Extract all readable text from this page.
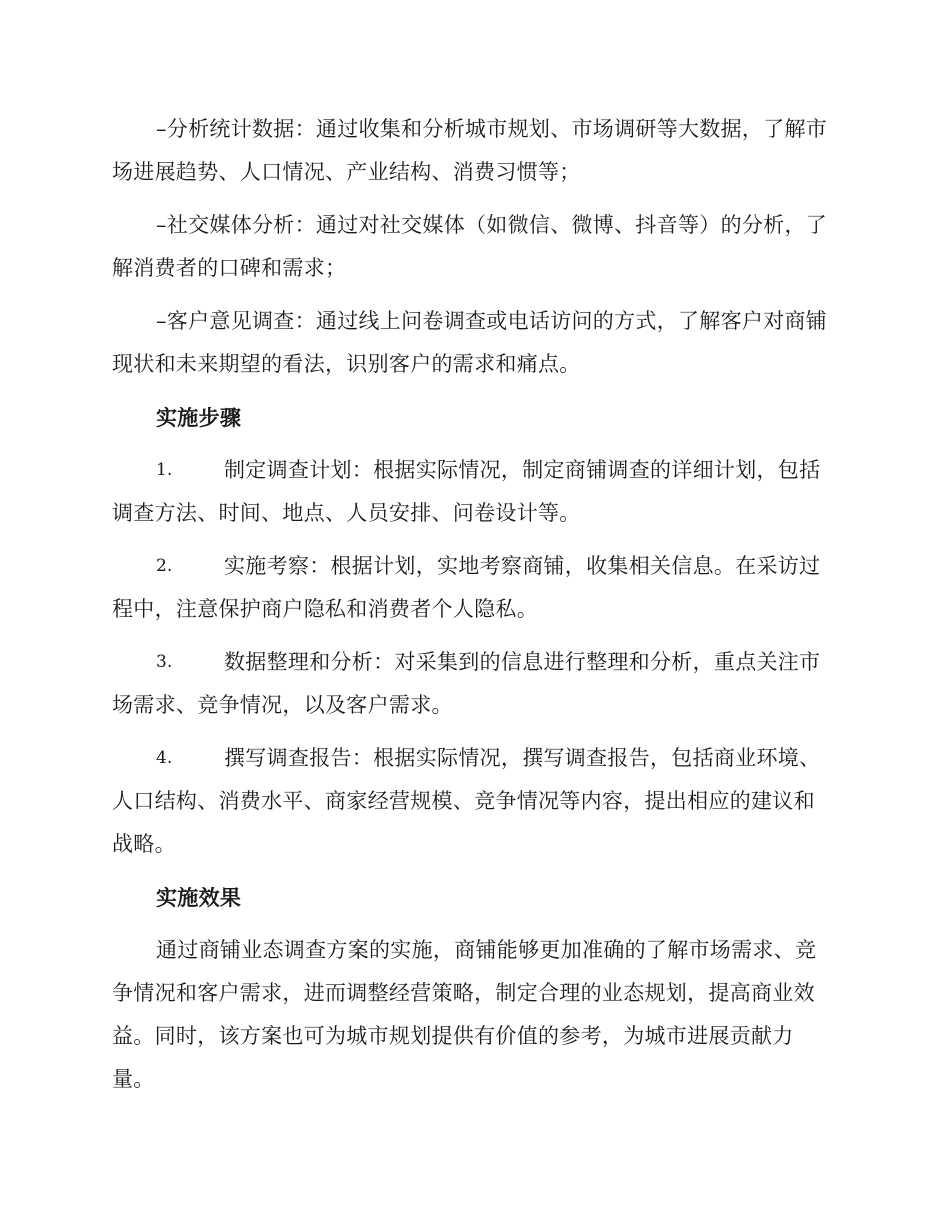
–分析统计数据：通过收集和分析城市规划、市场调研等大数据，了解市场进展趋势、人口情况、产业结构、消费习惯等；

–社交媒体分析：通过对社交媒体（如微信、微博、抖音等）的分析，了解消费者的口碑和需求；

–客户意见调查：通过线上问卷调查或电话访问的方式，了解客户对商铺现状和未来期望的看法，识别客户的需求和痛点。

实施步骤
1.	制定调查计划：根据实际情况，制定商铺调查的详细计划，包括调查方法、时间、地点、人员安排、问卷设计等。

2.	实施考察：根据计划，实地考察商铺，收集相关信息。在采访过程中，注意保护商户隐私和消费者个人隐私。

3.	数据整理和分析：对采集到的信息进行整理和分析，重点关注市场需求、竞争情况，以及客户需求。

4.	撰写调查报告：根据实际情况，撰写调查报告，包括商业环境、人口结构、消费水平、商家经营规模、竞争情况等内容，提出相应的建议和战略。

实施效果

通过商铺业态调查方案的实施，商铺能够更加准确的了解市场需求、竞争情况和客户需求，进而调整经营策略，制定合理的业态规划，提高商业效益。同时，该方案也可为城市规划提供有价值的参考，为城市进展贡献力量。
